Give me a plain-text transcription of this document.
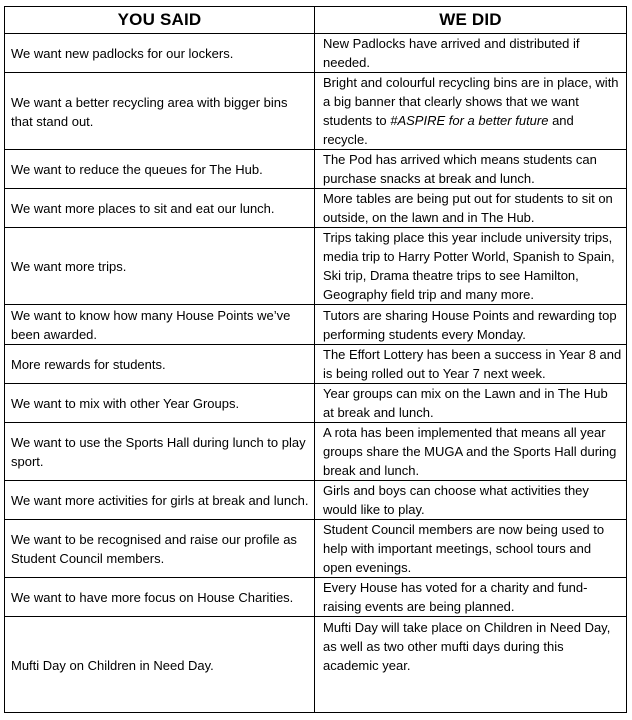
YOU SAID	WE DID
We want new padlocks for our lockers.	New Padlocks have arrived and distributed if needed.
We want a better recycling area with bigger bins that stand out.	Bright and colourful recycling bins are in place, with a big banner that clearly shows that we want students to #ASPIRE for a better future and recycle.
We want to reduce the queues for The Hub.	The Pod has arrived which means students can purchase snacks at break and lunch.
We want more places to sit and eat our lunch.	More tables are being put out for students to sit on outside, on the lawn and in The Hub.
We want more trips.	Trips taking place this year include university trips, media trip to Harry Potter World, Spanish to Spain, Ski trip, Drama theatre trips to see Hamilton, Geography field trip and many more.
We want to know how many House Points we’ve been awarded.	Tutors are sharing House Points and rewarding top performing students every Monday.
More rewards for students.	The Effort Lottery has been a success in Year 8 and is being rolled out to Year 7 next week.
We want to mix with other Year Groups.	Year groups can mix on the Lawn and in The Hub at break and lunch.
We want to use the Sports Hall during lunch to play sport.	A rota has been implemented that means all year groups share the MUGA and the Sports Hall during break and lunch.
We want more activities for girls at break and lunch.	Girls and boys can choose what activities they would like to play.
We want to be recognised and raise our profile as Student Council members.	Student Council members are now being used to help with important meetings, school tours and open evenings.
We want to have more focus on House Charities.	Every House has voted for a charity and fund-raising events are being planned.
Mufti Day on Children in Need Day.	Mufti Day will take place on Children in Need Day, as well as two other mufti days during this academic year.
